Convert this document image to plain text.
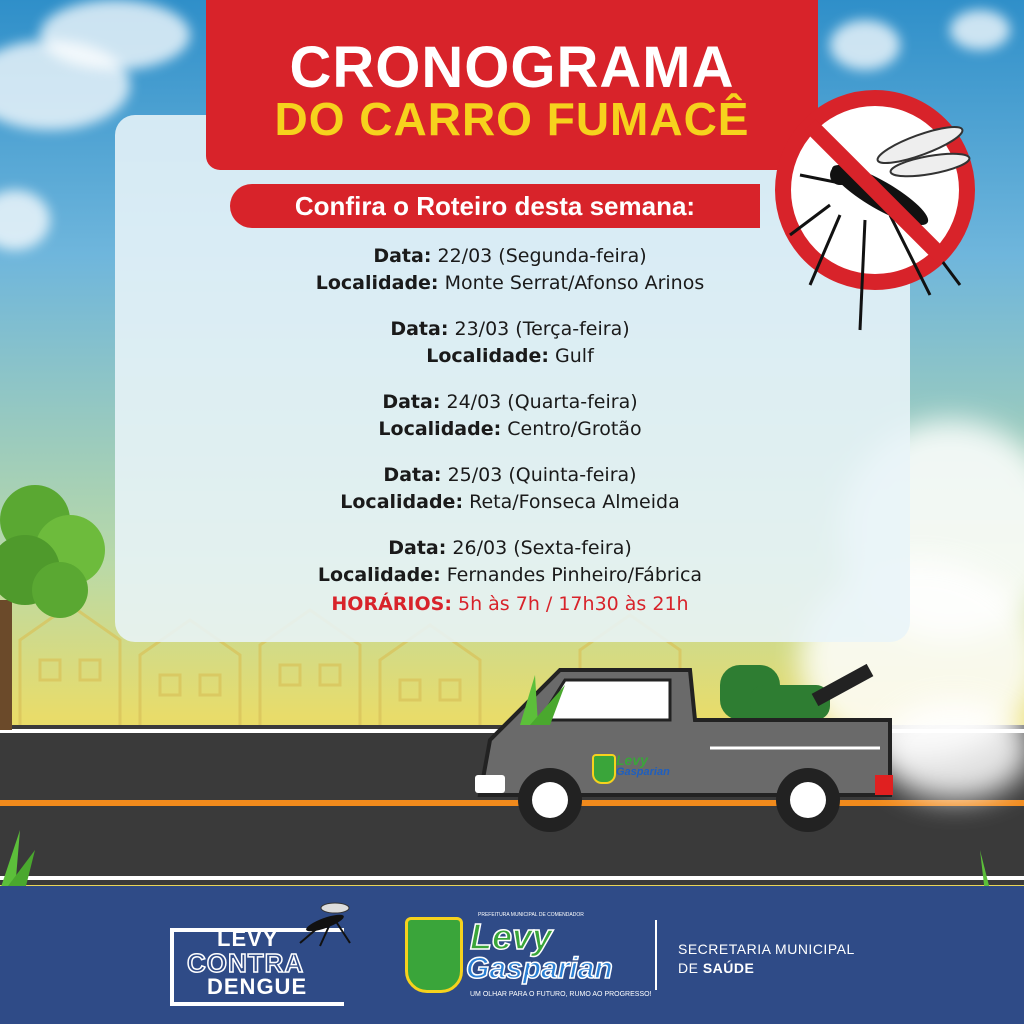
CRONOGRAMA
DO CARRO FUMACÊ
Confira o Roteiro desta semana:
Data: 22/03 (Segunda-feira)
Localidade: Monte Serrat/Afonso Arinos
Data: 23/03 (Terça-feira)
Localidade: Gulf
Data: 24/03 (Quarta-feira)
Localidade: Centro/Grotão
Data: 25/03 (Quinta-feira)
Localidade: Reta/Fonseca Almeida
Data: 26/03 (Sexta-feira)
Localidade: Fernandes Pinheiro/Fábrica
HORÁRIOS: 5h às 7h / 17h30 às 21h
Levy
Gasparian
LEVY
CONTRA
DENGUE
PREFEITURA MUNICIPAL DE COMENDADOR
Levy
Gasparian
UM OLHAR PARA O FUTURO, RUMO AO PROGRESSO!
SECRETARIA MUNICIPAL
DE SAÚDE
